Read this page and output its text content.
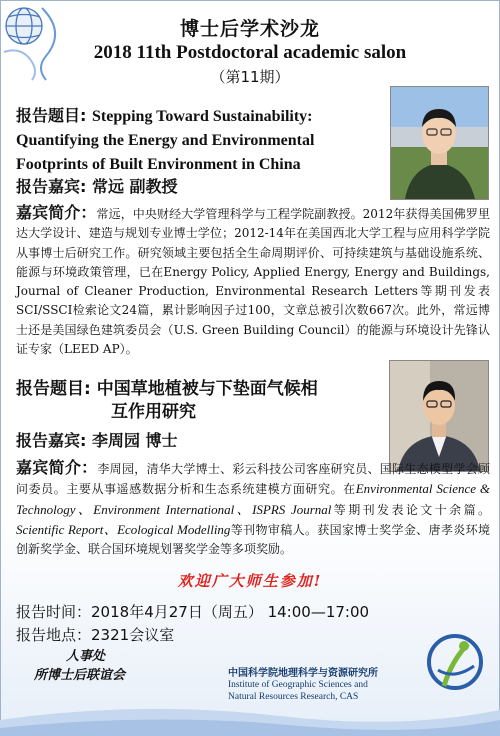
博士后学术沙龙
2018 11th Postdoctoral academic salon
（第11期）
报告题目: Stepping Toward Sustainability: Quantifying the Energy and Environmental Footprints of Built Environment in China
报告嘉宾: 常远 副教授
嘉宾简介：常远，中央财经大学管理科学与工程学院副教授。2012年获得美国佛罗里达大学设计、建造与规划专业博士学位；2012-14年在美国西北大学工程与应用科学学院从事博士后研究工作。研究领域主要包括全生命周期评价、可持续建筑与基础设施系统、能源与环境政策管理，已在Energy Policy, Applied Energy, Energy and Buildings, Journal of Cleaner Production, Environmental Research Letters等期刊发表SCI/SSCI检索论文24篇，累计影响因子过100，文章总被引次数667次。此外，常远博士还是美国绿色建筑委员会（U.S. Green Building Council）的能源与环境设计先锋认证专家（LEED AP）。
报告题目: 中国草地植被与下垫面气候相
互作用研究
报告嘉宾: 李周园 博士
嘉宾简介：李周园，清华大学博士、彩云科技公司客座研究员、国际生态模型学会顾问委员。主要从事遥感数据分析和生态系统建模方面研究。在Environmental Science & Technology、Environment International、ISPRS Journal等期刊发表论文十余篇。Scientific Report、Ecological Modelling等刊物审稿人。获国家博士奖学金、唐孝炎环境创新奖学金、联合国环境规划署奖学金等多项奖励。
欢迎广大师生参加!
报告时间：2018年4月27日（周五） 14:00—17:00
报告地点：2321会议室
人事处
所博士后联谊会	中国科学院地理科学与资源研究所
Institute of Geographic Sciences and
Natural Resources Research, CAS
